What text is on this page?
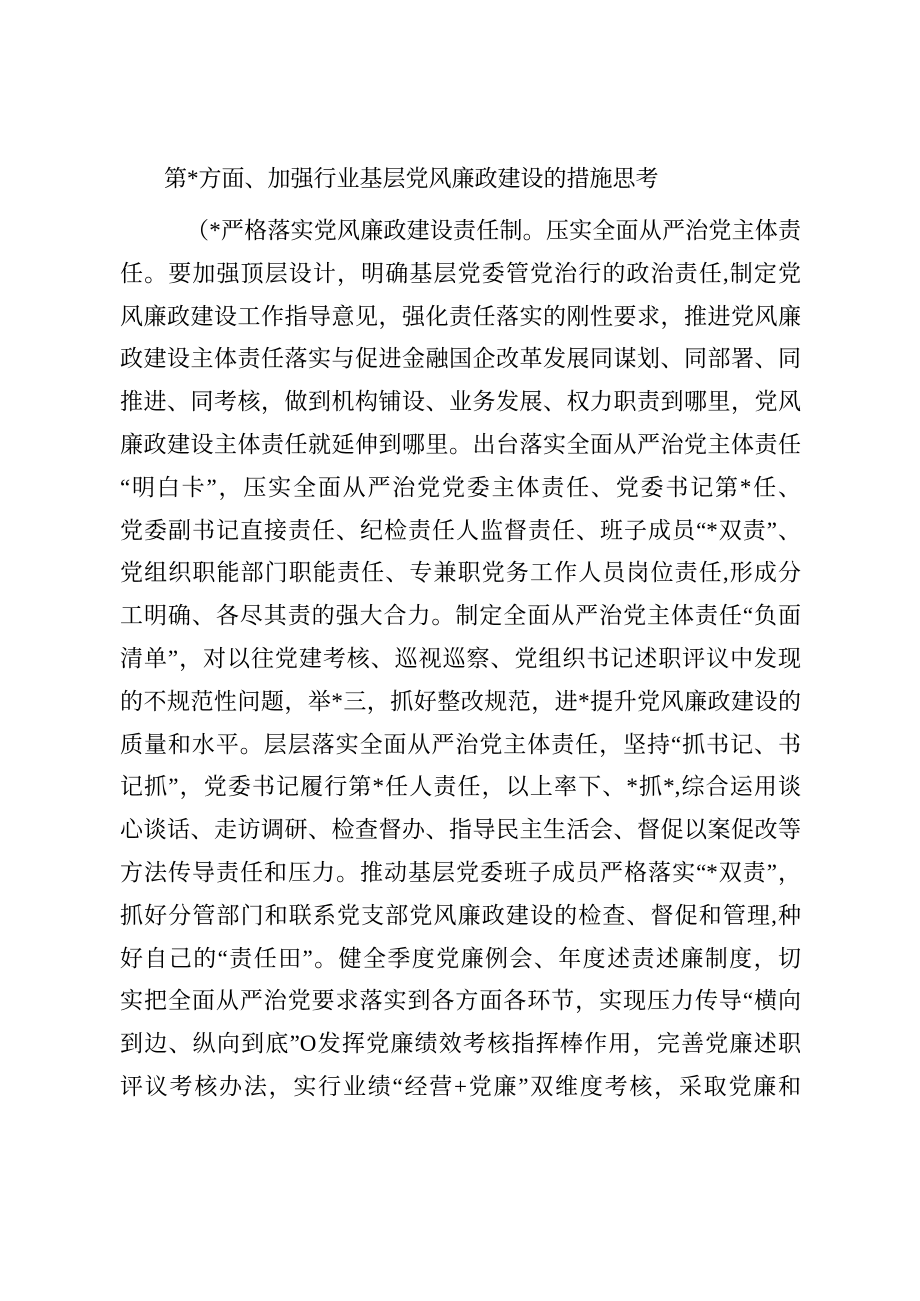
第*方面、加强行业基层党风廉政建设的措施思考
（*严格落实党风廉政建设责任制。压实全面从严治党主体责
任。要加强顶层设计，明确基层党委管党治行的政治责任,制定党
风廉政建设工作指导意见，强化责任落实的刚性要求，推进党风廉
政建设主体责任落实与促进金融国企改革发展同谋划、同部署、同
推进、同考核，做到机构铺设、业务发展、权力职责到哪里，党风
廉政建设主体责任就延伸到哪里。出台落实全面从严治党主体责任
“明白卡”，压实全面从严治党党委主体责任、党委书记第*任、
党委副书记直接责任、纪检责任人监督责任、班子成员“*双责”、
党组织职能部门职能责任、专兼职党务工作人员岗位责任,形成分
工明确、各尽其责的强大合力。制定全面从严治党主体责任“负面
清单”，对以往党建考核、巡视巡察、党组织书记述职评议中发现
的不规范性问题，举*三，抓好整改规范，进*提升党风廉政建设的
质量和水平。层层落实全面从严治党主体责任，坚持“抓书记、书
记抓”，党委书记履行第*任人责任，以上率下、*抓*,综合运用谈
心谈话、走访调研、检查督办、指导民主生活会、督促以案促改等
方法传导责任和压力。推动基层党委班子成员严格落实“*双责”，
抓好分管部门和联系党支部党风廉政建设的检查、督促和管理,种
好自己的“责任田”。健全季度党廉例会、年度述责述廉制度，切
实把全面从严治党要求落实到各方面各环节，实现压力传导“横向
到边、纵向到底”O发挥党廉绩效考核指挥棒作用，完善党廉述职
评议考核办法，实行业绩“经营+党廉”双维度考核，采取党廉和
